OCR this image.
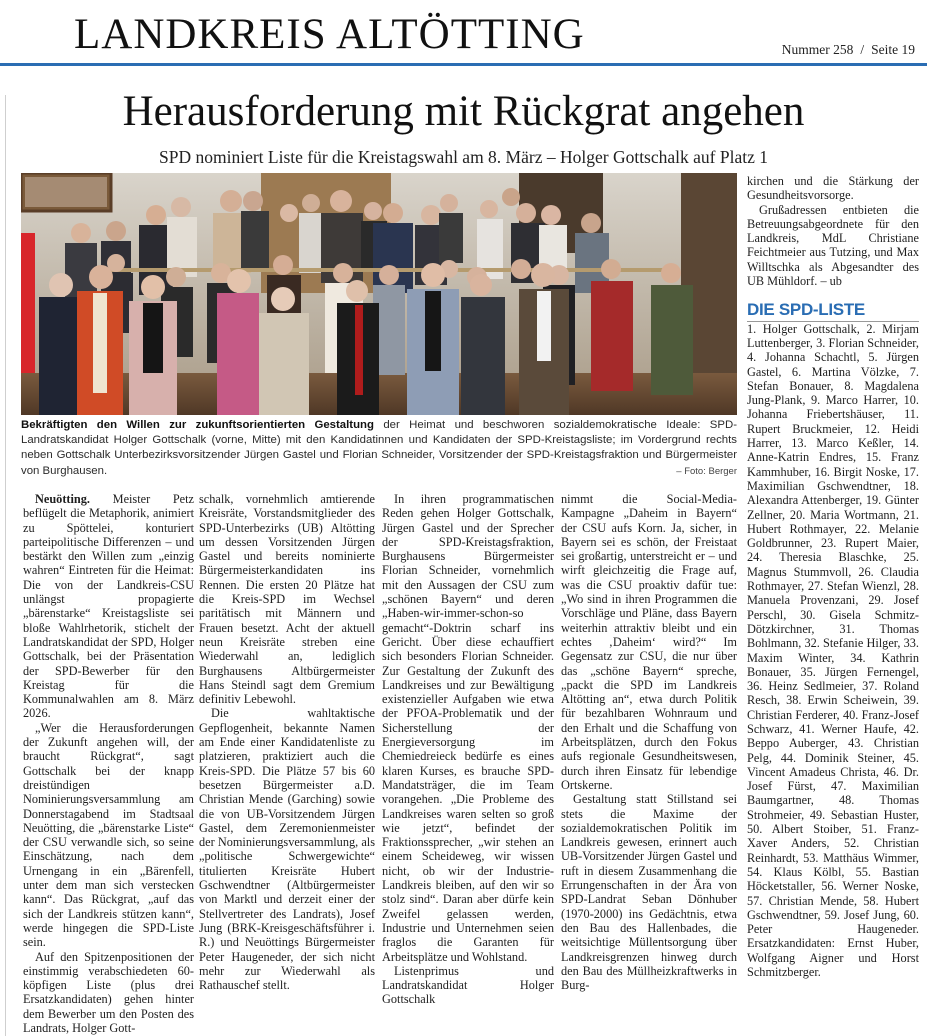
LANDKREIS ALTÖTTING	Nummer 258 / Seite 19
Herausforderung mit Rückgrat angehen
SPD nominiert Liste für die Kreistagswahl am 8. März – Holger Gottschalk auf Platz 1
Bekräftigten den Willen zur zukunftsorientierten Gestaltung der Heimat und beschworen sozialdemokratische Ideale: SPD-Landratskandidat Holger Gottschalk (vorne, Mitte) mit den Kandidatinnen und Kandidaten der SPD-Kreistagsliste; im Vordergrund rechts neben Gottschalk Unterbezirksvorsitzender Jürgen Gastel und Florian Schneider, Vorsitzender der SPD-Kreistagsfraktion und Bürgermeister von Burghausen.	– Foto: Berger

Neuötting. Meister Petz beflügelt die Metaphorik, animiert zu Spöttelei, konturiert parteipolitische Differenzen – und bestärkt den Willen zum „einzig wahren“ Eintreten für die Heimat: Die von der Landkreis-CSU unlängst propagierte „bärenstarke“ Kreistagsliste sei bloße Wahlrhetorik, stichelt der Landratskandidat der SPD, Holger Gottschalk, bei der Präsentation der SPD-Bewerber für den Kreistag für die Kommunalwahlen am 8. März 2026.

„Wer die Herausforderungen der Zukunft angehen will, der braucht Rückgrat“, sagt Gottschalk bei der knapp dreistündigen Nominierungsversammlung am Donnerstagabend im Stadtsaal Neuötting, die „bärenstarke Liste“ der CSU verwandle sich, so seine Einschätzung, nach dem Urnengang in ein „Bärenfell, unter dem man sich verstecken kann“. Das Rückgrat, „auf das sich der Landkreis stützen kann“, werde hingegen die SPD-Liste sein.

Auf den Spitzenpositionen der einstimmig verabschiedeten 60-köpfigen Liste (plus drei Ersatzkandidaten) gehen hinter dem Bewerber um den Posten des Landrats, Holger Gott-

schalk, vornehmlich amtierende Kreisräte, Vorstandsmitglieder des SPD-Unterbezirks (UB) Altötting um dessen Vorsitzenden Jürgen Gastel und bereits nominierte Bürgermeisterkandidaten ins Rennen. Die ersten 20 Plätze hat die Kreis-SPD im Wechsel paritätisch mit Männern und Frauen besetzt. Acht der aktuell neun Kreisräte streben eine Wiederwahl an, lediglich Burghausens Altbürgermeister Hans Steindl sagt dem Gremium definitiv Lebewohl.

Die wahltaktische Gepflogenheit, bekannte Namen am Ende einer Kandidatenliste zu platzieren, praktiziert auch die Kreis-SPD. Die Plätze 57 bis 60 besetzen Bürgermeister a.D. Christian Mende (Garching) sowie die von UB-Vorsitzendem Jürgen Gastel, dem Zeremonienmeister der Nominierungsversammlung, als „politische Schwergewichte“ titulierten Kreisräte Hubert Gschwendtner (Altbürgermeister von Marktl und derzeit einer der Stellvertreter des Landrats), Josef Jung (BRK-Kreisgeschäftsführer i. R.) und Neuöttings Bürgermeister Peter Haugeneder, der sich nicht mehr zur Wiederwahl als Rathauschef stellt.

In ihren programmatischen Reden gehen Holger Gottschalk, Jürgen Gastel und der Sprecher der SPD-Kreistagsfraktion, Burghausens Bürgermeister Florian Schneider, vornehmlich mit den Aussagen der CSU zum „schönen Bayern“ und deren „Haben-wir-immer-schon-so gemacht“-Doktrin scharf ins Gericht. Über diese echauffiert sich besonders Florian Schneider. Zur Gestaltung der Zukunft des Landkreises und zur Bewältigung existenzieller Aufgaben wie etwa der PFOA-Problematik und der Sicherstellung der Energieversorgung im Chemiedreieck bedürfe es eines klaren Kurses, es brauche SPD-Mandatsträger, die im Team vorangehen. „Die Probleme des Landkreises waren selten so groß wie jetzt“, befindet der Fraktionssprecher, „wir stehen an einem Scheideweg, wir wissen nicht, ob wir der Industrie-Landkreis bleiben, auf den wir so stolz sind“. Daran aber dürfe kein Zweifel gelassen werden, Industrie und Unternehmen seien fraglos die Garanten für Arbeitsplätze und Wohlstand.

Listenprimus und Landratskandidat Holger Gottschalk

nimmt die Social-Media-Kampagne „Daheim in Bayern“ der CSU aufs Korn. Ja, sicher, in Bayern sei es schön, der Freistaat sei großartig, unterstreicht er – und wirft gleichzeitig die Frage auf, was die CSU proaktiv dafür tue: „Wo sind in ihren Programmen die Vorschläge und Pläne, dass Bayern weiterhin attraktiv bleibt und ein echtes ‚Daheim‘ wird?“ Im Gegensatz zur CSU, die nur über das „schöne Bayern“ spreche, „packt die SPD im Landkreis Altötting an“, etwa durch Politik für bezahlbaren Wohnraum und den Erhalt und die Schaffung von Arbeitsplätzen, durch den Fokus aufs regionale Gesundheitswesen, durch ihren Einsatz für lebendige Ortskerne.

Gestaltung statt Stillstand sei stets die Maxime der sozialdemokratischen Politik im Landkreis gewesen, erinnert auch UB-Vorsitzender Jürgen Gastel und ruft in diesem Zusammenhang die Errungenschaften in der Ära von SPD-Landrat Seban Dönhuber (1970-2000) ins Gedächtnis, etwa den Bau des Hallenbades, die weitsichtige Müllentsorgung über Landkreisgrenzen hinweg durch den Bau des Müllheizkraftwerks in Burg-

kirchen und die Stärkung der Gesundheitsvorsorge.

Grußadressen entbieten die Betreuungsabgeordnete für den Landkreis, MdL Christiane Feichtmeier aus Tutzing, und Max Willtschka als Abgesandter des UB Mühldorf. – ub

DIE SPD-LISTE

1. Holger Gottschalk, 2. Mirjam Luttenberger, 3. Florian Schneider, 4. Johanna Schachtl, 5. Jürgen Gastel, 6. Martina Völzke, 7. Stefan Bonauer, 8. Magdalena Jung-Plank, 9. Marco Harrer, 10. Johanna Friebertshäuser, 11. Rupert Bruckmeier, 12. Heidi Harrer, 13. Marco Keßler, 14. Anne-Katrin Endres, 15. Franz Kammhuber, 16. Birgit Noske, 17. Maximilian Gschwendtner, 18. Alexandra Attenberger, 19. Günter Zellner, 20. Maria Wortmann, 21. Hubert Rothmayer, 22. Melanie Goldbrunner, 23. Rupert Maier, 24. Theresia Blaschke, 25. Magnus Stummvoll, 26. Claudia Rothmayer, 27. Stefan Wienzl, 28. Manuela Provenzani, 29. Josef Perschl, 30. Gisela Schmitz-Dötzkirchner, 31. Thomas Bohlmann, 32. Stefanie Hilger, 33. Maxim Winter, 34. Kathrin Bonauer, 35. Jürgen Fernengel, 36. Heinz Sedlmeier, 37. Roland Resch, 38. Erwin Scheiwein, 39. Christian Ferderer, 40. Franz-Josef Schwarz, 41. Werner Haufe, 42. Beppo Auberger, 43. Christian Pelg, 44. Dominik Steiner, 45. Vincent Amadeus Christa, 46. Dr. Josef Fürst, 47. Maximilian Baumgartner, 48. Thomas Strohmeier, 49. Sebastian Huster, 50. Albert Stoiber, 51. Franz-Xaver Anders, 52. Christian Reinhardt, 53. Matthäus Wimmer, 54. Klaus Kölbl, 55. Bastian Höcketstaller, 56. Werner Noske, 57. Christian Mende, 58. Hubert Gschwendtner, 59. Josef Jung, 60. Peter Haugeneder. Ersatzkandidaten: Ernst Huber, Wolfgang Aigner und Horst Schmitzberger.
